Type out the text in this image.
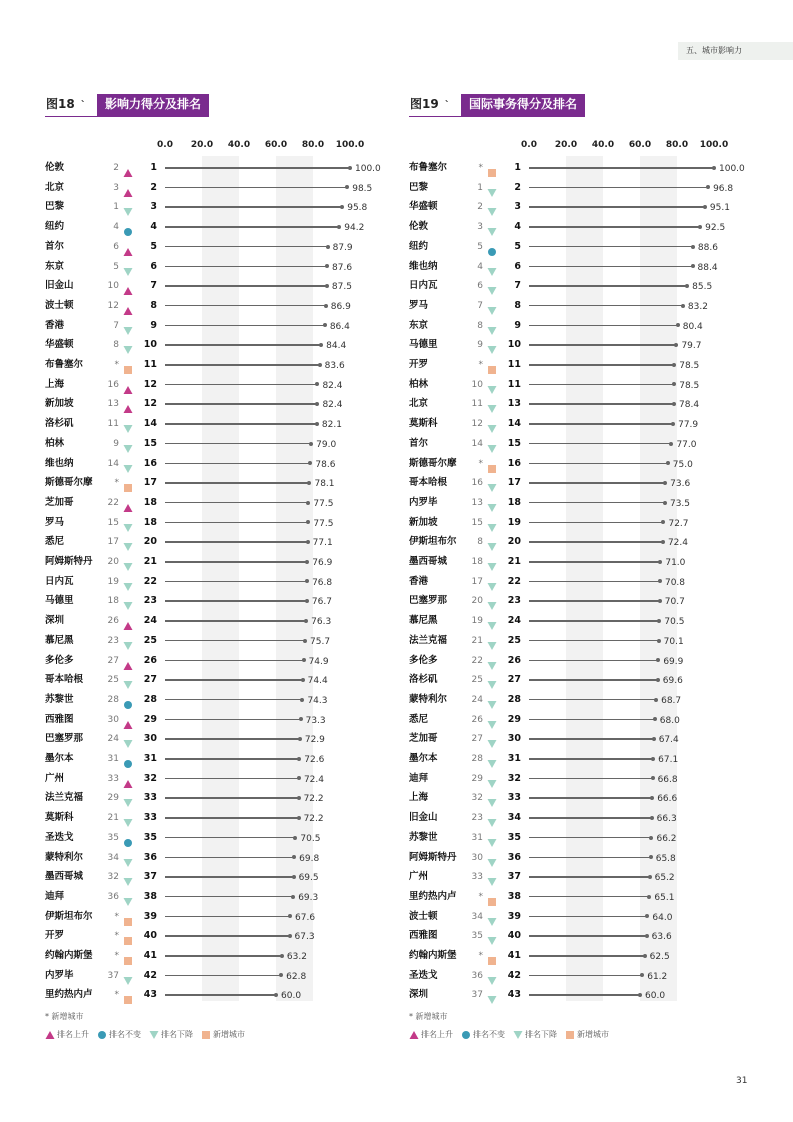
五、城市影响力
图18 `	影响力得分及排名
0.0 20.0 40.0 60.0 80.0 100.0
伦敦	2	1	100.0
北京	3	2	98.5
巴黎	1	3	95.8
纽约	4	4	94.2
首尔	6	5	87.9
东京	5	6	87.6
旧金山	10	7	87.5
波士顿	12	8	86.9
香港	7	9	86.4
华盛顿	8	10	84.4
布鲁塞尔	*	11	83.6
上海	16	12	82.4
新加坡	13	12	82.4
洛杉矶	11	14	82.1
柏林	9	15	79.0
维也纳	14	16	78.6
斯德哥尔摩	*	17	78.1
芝加哥	22	18	77.5
罗马	15	18	77.5
悉尼	17	20	77.1
阿姆斯特丹	20	21	76.9
日内瓦	19	22	76.8
马德里	18	23	76.7
深圳	26	24	76.3
慕尼黑	23	25	75.7
多伦多	27	26	74.9
哥本哈根	25	27	74.4
苏黎世	28	28	74.3
西雅图	30	29	73.3
巴塞罗那	24	30	72.9
墨尔本	31	31	72.6
广州	33	32	72.4
法兰克福	29	33	72.2
莫斯科	21	33	72.2
圣迭戈	35	35	70.5
蒙特利尔	34	36	69.8
墨西哥城	32	37	69.5
迪拜	36	38	69.3
伊斯坦布尔	*	39	67.6
开罗	*	40	67.3
约翰内斯堡	*	41	63.2
内罗毕	37	42	62.8
里约热内卢	*	43	60.0
* 新增城市
排名上升	排名不变	排名下降	新增城市
图19 `	国际事务得分及排名
0.0 20.0 40.0 60.0 80.0 100.0
布鲁塞尔	*	1	100.0
巴黎	1	2	96.8
华盛顿	2	3	95.1
伦敦	3	4	92.5
纽约	5	5	88.6
维也纳	4	6	88.4
日内瓦	6	7	85.5
罗马	7	8	83.2
东京	8	9	80.4
马德里	9	10	79.7
开罗	*	11	78.5
柏林	10	11	78.5
北京	11	13	78.4
莫斯科	12	14	77.9
首尔	14	15	77.0
斯德哥尔摩	*	16	75.0
哥本哈根	16	17	73.6
内罗毕	13	18	73.5
新加坡	15	19	72.7
伊斯坦布尔	8	20	72.4
墨西哥城	18	21	71.0
香港	17	22	70.8
巴塞罗那	20	23	70.7
慕尼黑	19	24	70.5
法兰克福	21	25	70.1
多伦多	22	26	69.9
洛杉矶	25	27	69.6
蒙特利尔	24	28	68.7
悉尼	26	29	68.0
芝加哥	27	30	67.4
墨尔本	28	31	67.1
迪拜	29	32	66.8
上海	32	33	66.6
旧金山	23	34	66.3
苏黎世	31	35	66.2
阿姆斯特丹	30	36	65.8
广州	33	37	65.2
里约热内卢	*	38	65.1
波士顿	34	39	64.0
西雅图	35	40	63.6
约翰内斯堡	*	41	62.5
圣迭戈	36	42	61.2
深圳	37	43	60.0
* 新增城市
排名上升	排名不变	排名下降	新增城市
31
